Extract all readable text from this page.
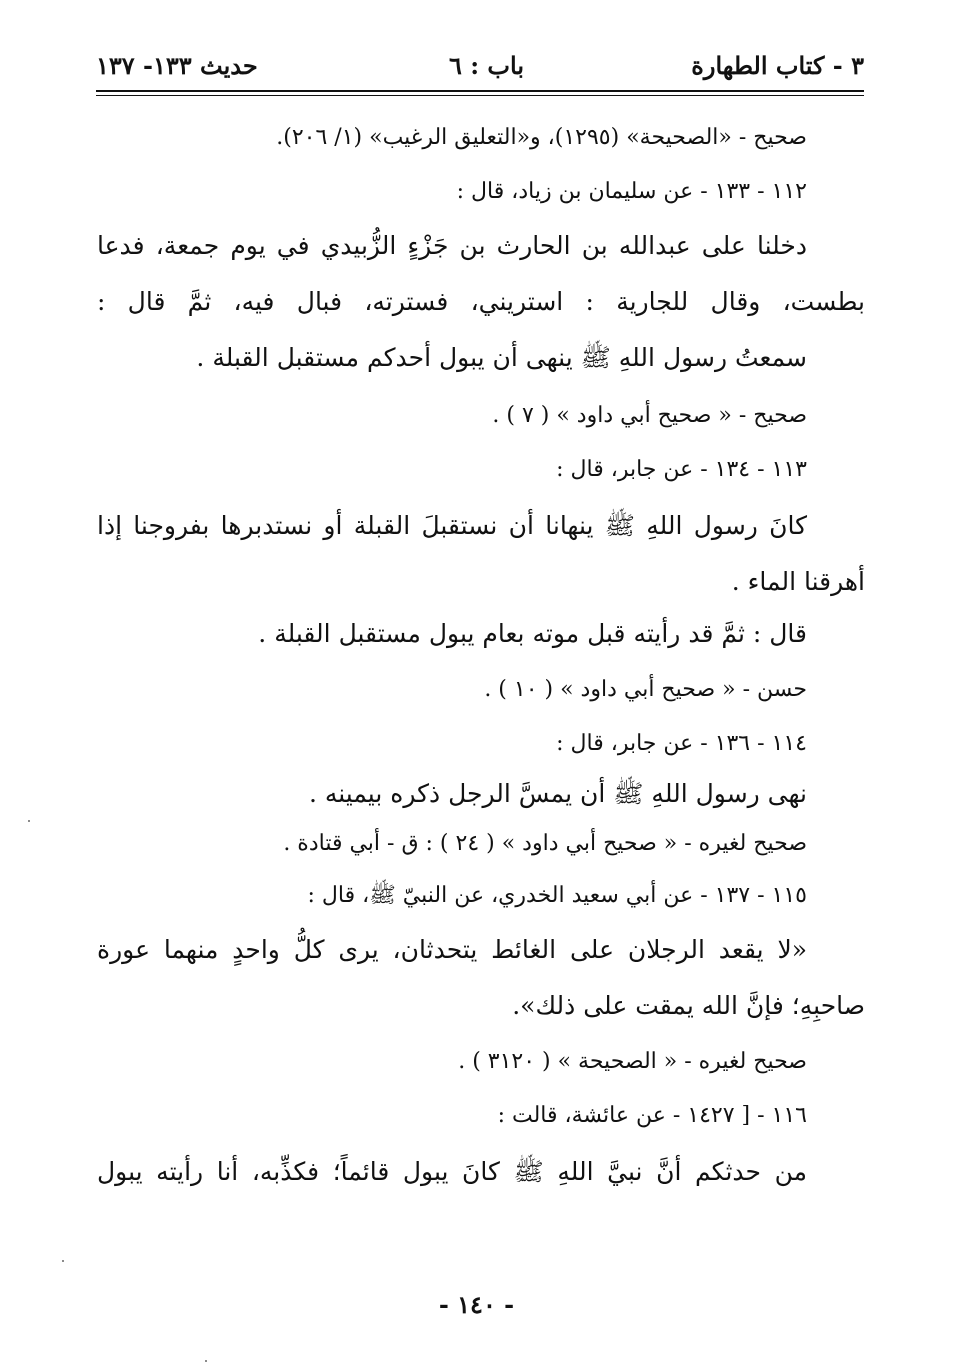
٣ - كتاب الطهارة
باب : ٦
حديث ١٣٣- ١٣٧
صحيح - «الصحيحة» (١٢٩٥)، و«التعليق الرغيب» (١/ ٢٠٦).
١١٢ - ١٣٣ - عن سليمان بن زياد، قال :
دخلنا على عبدالله بن الحارث بن جَزْءٍ الزُّبيدي في يوم جمعة، فدعا
بطست، وقال للجارية : استريني، فسترته، فبال فيه، ثمَّ قال :
سمعتُ رسول اللهِ ﷺ ينهى أن يبول أحدكم مستقبل القبلة .
صحيح - « صحيح أبي داود » ( ٧ ) .
١١٣ - ١٣٤ - عن جابر، قال :
كانَ رسول اللهِ ﷺ ينهانا أن نستقبلَ القبلة أو نستدبرها بفروجنا إذا
أهرقنا الماء .
قال : ثمَّ قد رأيته قبل موته بعام يبول مستقبل القبلة .
حسن - « صحيح أبي داود » ( ١٠ ) .
١١٤ - ١٣٦ - عن جابر، قال :
نهى رسول اللهِ ﷺ أن يمسَّ الرجل ذكره بيمينه .
صحيح لغيره - « صحيح أبي داود » ( ٢٤ ) : ق - أبي قتادة .
١١٥ - ١٣٧ - عن أبي سعيد الخدري، عن النبيّ ﷺ، قال :
«لا يقعد الرجلان على الغائط يتحدثان، يرى كلُّ واحدٍ منهما عورة
صاحبِهِ؛ فإنَّ الله يمقت على ذلك».
صحيح لغيره - « الصحيحة » ( ٣١٢٠ ) .
١١٦ - [ ١٤٢٧ - عن عائشة، قالت :
من حدثكم أنَّ نبيَّ اللهِ ﷺ كانَ يبول قائماً؛ فكذِّبه، أنا رأيته يبول
- ١٤٠ -
